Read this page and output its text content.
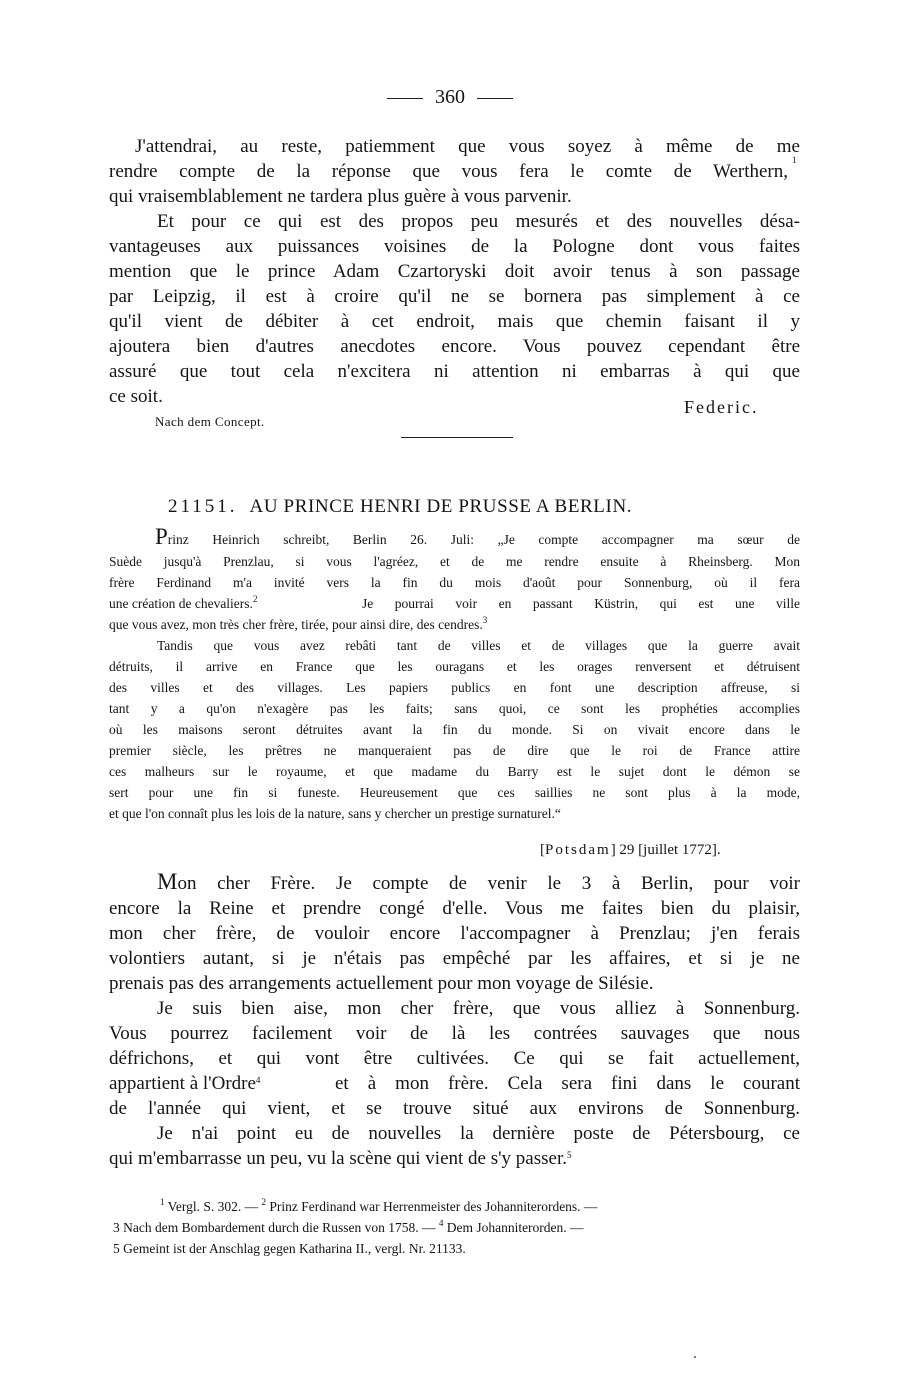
360
J'attendrai, au reste, patiemment que vous soyez à même de me
rendre compte de la réponse que vous fera le comte de Werthern,
1
qui vraisemblablement ne tardera plus guère à vous parvenir.
Et pour ce qui est des propos peu mesurés et des nouvelles désa-
vantageuses aux puissances voisines de la Pologne dont vous faites
mention que le prince Adam Czartoryski doit avoir tenus à son passage
par Leipzig, il est à croire qu'il ne se bornera pas simplement à ce
qu'il vient de débiter à cet endroit, mais que chemin faisant il y
ajoutera bien d'autres anecdotes encore. Vous pouvez cependant être
assuré que tout cela n'excitera ni attention ni embarras à qui que
ce soit.	Federic.
Nach dem Concept.
21151. AU PRINCE HENRI DE PRUSSE A BERLIN.
Prinz Heinrich schreibt, Berlin 26. Juli: „Je compte accompagner ma sœur de
Suède jusqu'à Prenzlau, si vous l'agréez, et de me rendre ensuite à Rheinsberg. Mon
frère Ferdinand m'a invité vers la fin du mois d'août pour Sonnenburg, où il fera
une création de chevaliers.$^2$	Je pourrai voir en passant Küstrin, qui est une ville
que vous avez, mon très cher frère, tirée, pour ainsi dire, des cendres.$^3$
Tandis que vous avez rebâti tant de villes et de villages que la guerre avait
détruits, il arrive en France que les ouragans et les orages renversent et détruisent
des villes et des villages. Les papiers publics en font une description affreuse, si
tant y a qu'on n'exagère pas les faits; sans quoi, ce sont les prophéties accomplies
où les maisons seront détruites avant la fin du monde. Si on vivait encore dans le
premier siècle, les prêtres ne manqueraient pas de dire que le roi de France attire
ces malheurs sur le royaume, et que madame du Barry est le sujet dont le démon se
sert pour une fin si funeste. Heureusement que ces saillies ne sont plus à la mode,
et que l'on connaît plus les lois de la nature, sans y chercher un prestige surnaturel.“
[Potsdam] 29 [juillet 1772].
Mon cher Frère. Je compte de venir le 3 à Berlin, pour voir
encore la Reine et prendre congé d'elle. Vous me faites bien du plaisir,
mon cher frère, de vouloir encore l'accompagner à Prenzlau; j'en ferais
volontiers autant, si je n'étais pas empêché par les affaires, et si je ne
prenais pas des arrangements actuellement pour mon voyage de Silésie.
Je suis bien aise, mon cher frère, que vous alliez à Sonnenburg.
Vous pourrez facilement voir de là les contrées sauvages que nous
défrichons, et qui vont être cultivées. Ce qui se fait actuellement,
appartient à l'Ordre$^4$	et à mon frère. Cela sera fini dans le courant
de l'année qui vient, et se trouve situé aux environs de Sonnenburg.
Je n'ai point eu de nouvelles la dernière poste de Pétersbourg, ce
qui m'embarrasse un peu, vu la scène qui vient de s'y passer.$^5$
$^1$ Vergl. S. 302. — $^2$ Prinz Ferdinand war Herrenmeister des Johanniterordens. —
3 Nach dem Bombardement durch die Russen von 1758. — $^4$ Dem Johanniterorden. —
5 Gemeint ist der Anschlag gegen Katharina II., vergl. Nr. 21133.
